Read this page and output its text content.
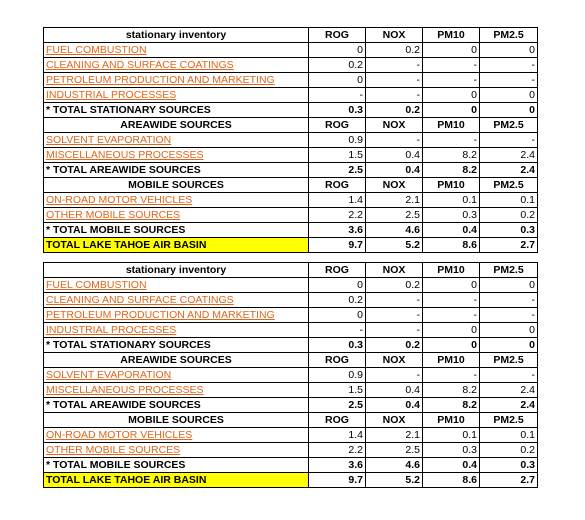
stationary inventory	ROG	NOX	PM10	PM2.5
FUEL COMBUSTION	0	0.2	0	0
CLEANING AND SURFACE COATINGS	0.2	-	-	-
PETROLEUM PRODUCTION AND MARKETING	0	-	-	-
INDUSTRIAL PROCESSES	-	-	0	0
* TOTAL STATIONARY SOURCES	0.3	0.2	0	0
AREAWIDE SOURCES	ROG	NOX	PM10	PM2.5
SOLVENT EVAPORATION	0.9	-	-	-
MISCELLANEOUS PROCESSES	1.5	0.4	8.2	2.4
* TOTAL AREAWIDE SOURCES	2.5	0.4	8.2	2.4
MOBILE SOURCES	ROG	NOX	PM10	PM2.5
ON-ROAD MOTOR VEHICLES	1.4	2.1	0.1	0.1
OTHER MOBILE SOURCES	2.2	2.5	0.3	0.2
* TOTAL MOBILE SOURCES	3.6	4.6	0.4	0.3
TOTAL LAKE TAHOE AIR BASIN	9.7	5.2	8.6	2.7
stationary inventory	ROG	NOX	PM10	PM2.5
FUEL COMBUSTION	0	0.2	0	0
CLEANING AND SURFACE COATINGS	0.2	-	-	-
PETROLEUM PRODUCTION AND MARKETING	0	-	-	-
INDUSTRIAL PROCESSES	-	-	0	0
* TOTAL STATIONARY SOURCES	0.3	0.2	0	0
AREAWIDE SOURCES	ROG	NOX	PM10	PM2.5
SOLVENT EVAPORATION	0.9	-	-	-
MISCELLANEOUS PROCESSES	1.5	0.4	8.2	2.4
* TOTAL AREAWIDE SOURCES	2.5	0.4	8.2	2.4
MOBILE SOURCES	ROG	NOX	PM10	PM2.5
ON-ROAD MOTOR VEHICLES	1.4	2.1	0.1	0.1
OTHER MOBILE SOURCES	2.2	2.5	0.3	0.2
* TOTAL MOBILE SOURCES	3.6	4.6	0.4	0.3
TOTAL LAKE TAHOE AIR BASIN	9.7	5.2	8.6	2.7
